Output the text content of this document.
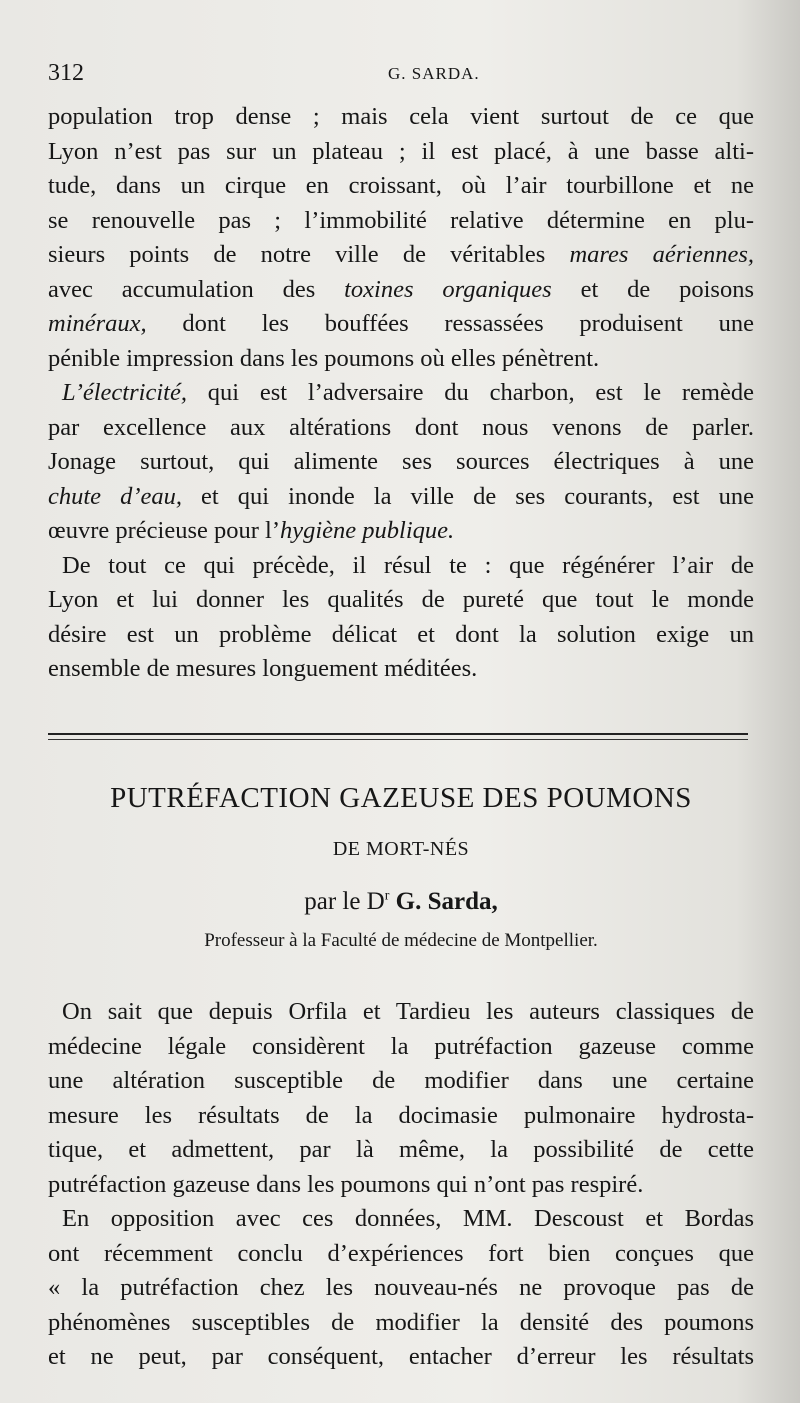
312	G. SARDA.
population trop dense ; mais cela vient surtout de ce que
Lyon n’est pas sur un plateau ; il est placé, à une basse alti-
tude, dans un cirque en croissant, où l’air tourbillone et ne
se renouvelle pas ; l’immobilité relative détermine en plu-
sieurs points de notre ville de véritables mares aériennes,
avec accumulation des toxines organiques et de poisons
minéraux, dont les bouffées ressassées produisent une
pénible impression dans les poumons où elles pénètrent.
L’électricité, qui est l’adversaire du charbon, est le remède
par excellence aux altérations dont nous venons de parler.
Jonage surtout, qui alimente ses sources électriques à une
chute d’eau, et qui inonde la ville de ses courants, est une
œuvre précieuse pour l’hygiène publique.
De tout ce qui précède, il résul te : que régénérer l’air de
Lyon et lui donner les qualités de pureté que tout le monde
désire est un problème délicat et dont la solution exige un
ensemble de mesures longuement méditées.
PUTRÉFACTION GAZEUSE DES POUMONS
DE MORT-NÉS
par le $D^r$ G. Sarda,
Professeur à la Faculté de médecine de Montpellier.
On sait que depuis Orfila et Tardieu les auteurs classiques de
médecine légale considèrent la putréfaction gazeuse comme
une altération susceptible de modifier dans une certaine
mesure les résultats de la docimasie pulmonaire hydrosta-
tique, et admettent, par là même, la possibilité de cette
putréfaction gazeuse dans les poumons qui n’ont pas respiré.
En opposition avec ces données, MM. Descoust et Bordas
ont récemment conclu d’expériences fort bien conçues que
« la putréfaction chez les nouveau-nés ne provoque pas de
phénomènes susceptibles de modifier la densité des poumons
et ne peut, par conséquent, entacher d’erreur les résultats
